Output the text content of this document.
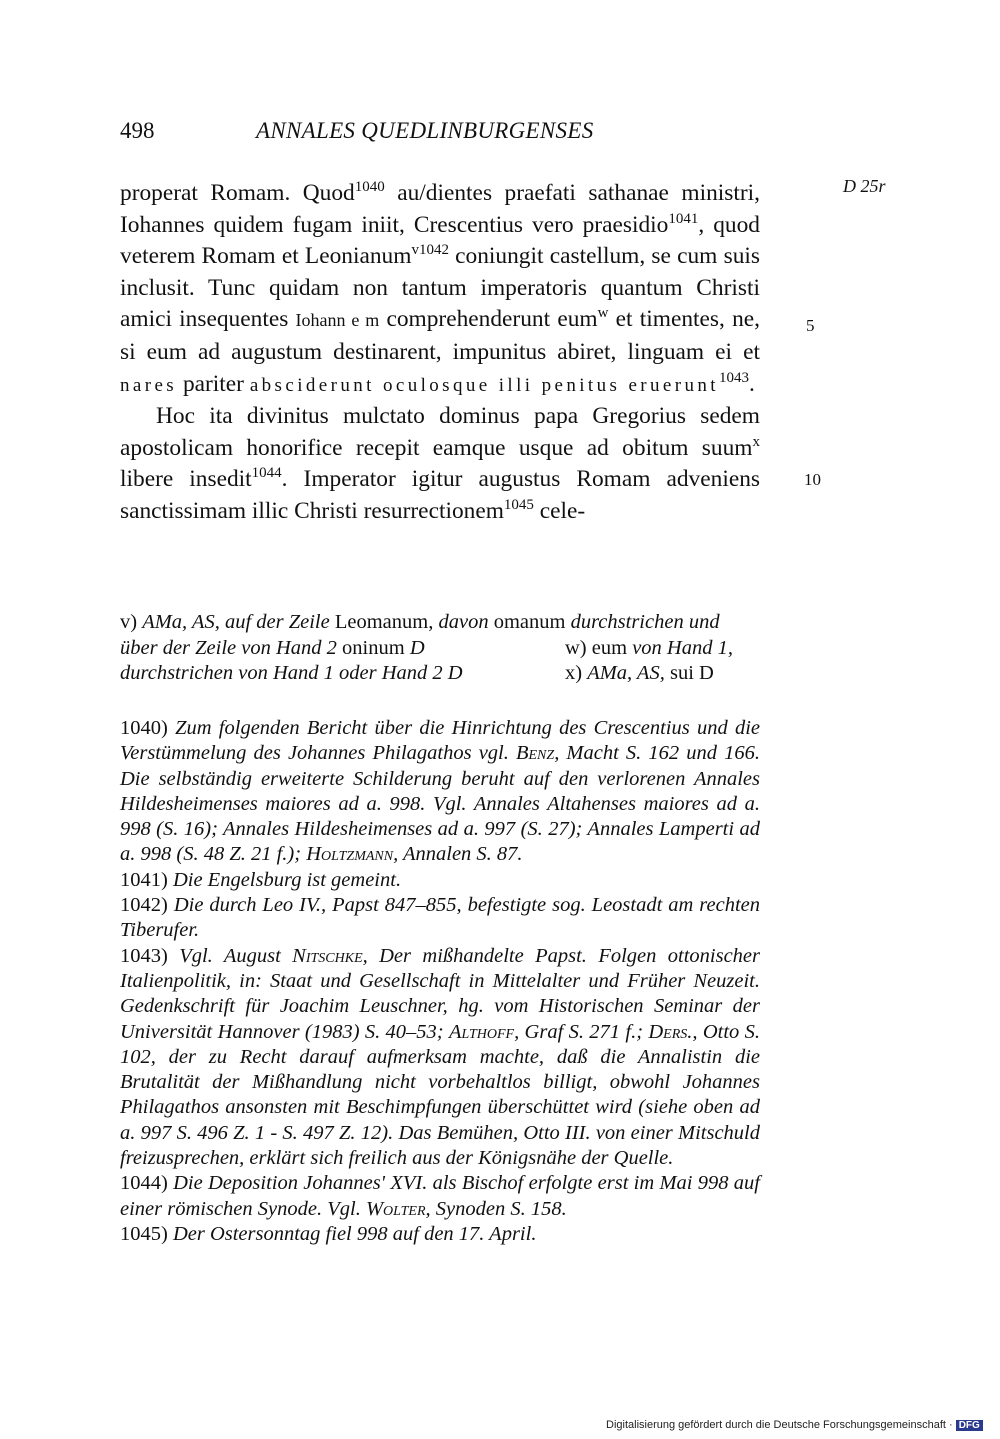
498	ANNALES QUEDLINBURGENSES
D 25r
5
10

properat Romam. Quod$^{1040}$ au/dientes praefati sathanae ministri, Iohannes quidem fugam iniit, Crescentius vero praesidio$^{1041}$, quod veterem Romam et Leonianum$^{v1042}$ coniungit castellum, se cum suis inclusit. Tunc quidam non tantum imperatoris quantum Christi amici insequentes Iohann e m comprehenderunt eum$^w$ et timentes, ne, si eum ad augustum destinarent, impunitus abiret, linguam ei et nares pariter absciderunt oculosque illi penitus eruerunt$^{1043}$.

Hoc ita divinitus mulctato dominus papa Gregorius sedem apostolicam honorifice recepit eamque usque ad obitum suum$^x$ libere insedit$^{1044}$. Imperator igitur augustus Romam adveniens sanctissimam illic Christi resurrectionem$^{1045}$ cele-

v) AMa, AS, auf der Zeile Leomanum, davon omanum durchstrichen und
über der Zeile von Hand 2 oninum D	w) eum von Hand 1,
durchstrichen von Hand 1 oder Hand 2 D	x) AMa, AS, sui D

1040) Zum folgenden Bericht über die Hinrichtung des Crescentius und die Verstümmelung des Johannes Philagathos vgl. Benz, Macht S. 162 und 166. Die selbständig erweiterte Schilderung beruht auf den verlorenen Annales Hildesheimenses maiores ad a. 998. Vgl. Annales Altahenses maiores ad a. 998 (S. 16); Annales Hildesheimenses ad a. 997 (S. 27); Annales Lamperti ad a. 998 (S. 48 Z. 21 f.); Holtzmann, Annalen S. 87.

1041) Die Engelsburg ist gemeint.

1042) Die durch Leo IV., Papst 847–855, befestigte sog. Leostadt am rechten Tiberufer.

1043) Vgl. August Nitschke, Der mißhandelte Papst. Folgen ottonischer Italienpolitik, in: Staat und Gesellschaft in Mittelalter und Früher Neuzeit. Gedenkschrift für Joachim Leuschner, hg. vom Historischen Seminar der Universität Hannover (1983) S. 40–53; Althoff, Graf S. 271 f.; Ders., Otto S. 102, der zu Recht darauf aufmerksam machte, daß die Annalistin die Brutalität der Mißhandlung nicht vorbehaltlos billigt, obwohl Johannes Philagathos ansonsten mit Beschimpfungen überschüttet wird (siehe oben ad a. 997 S. 496 Z. 1 - S. 497 Z. 12). Das Bemühen, Otto III. von einer Mitschuld freizusprechen, erklärt sich freilich aus der Königsnähe der Quelle.

1044) Die Deposition Johannes' XVI. als Bischof erfolgte erst im Mai 998 auf einer römischen Synode. Vgl. Wolter, Synoden S. 158.

1045) Der Ostersonntag fiel 998 auf den 17. April.

Digitalisierung gefördert durch die Deutsche Forschungsgemeinschaft · DFG
